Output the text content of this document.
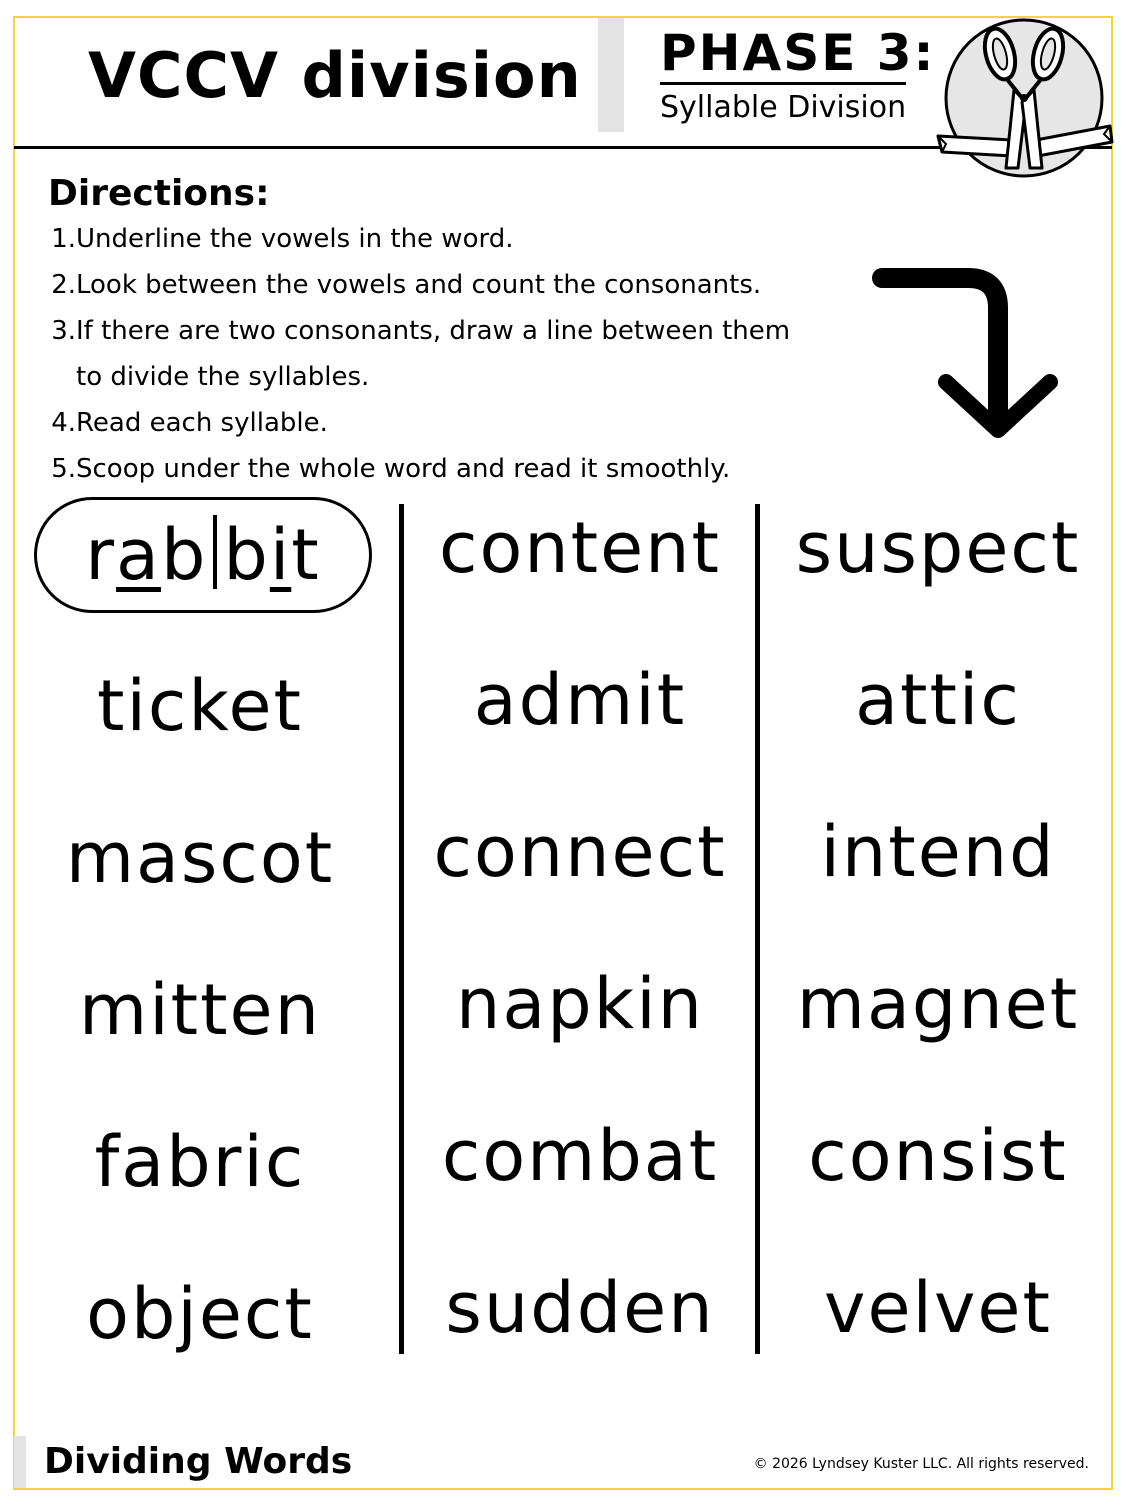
VCCV division PHASE 3:
Syllable Division
Directions:
1. Underline the vowels in the word.
2. Look between the vowels and count the consonants.
3. If there are two consonants, draw a line between them
to divide the syllables.
4. Read each syllable.
5. Scoop under the whole word and read it smoothly.
rab bit
ticket
mascot
mitten
fabric
object
content
admit
connect
napkin
combat
sudden
suspect
attic
intend
magnet
consist
velvet
Dividing Words	© 2026 Lyndsey Kuster LLC. All rights reserved.
